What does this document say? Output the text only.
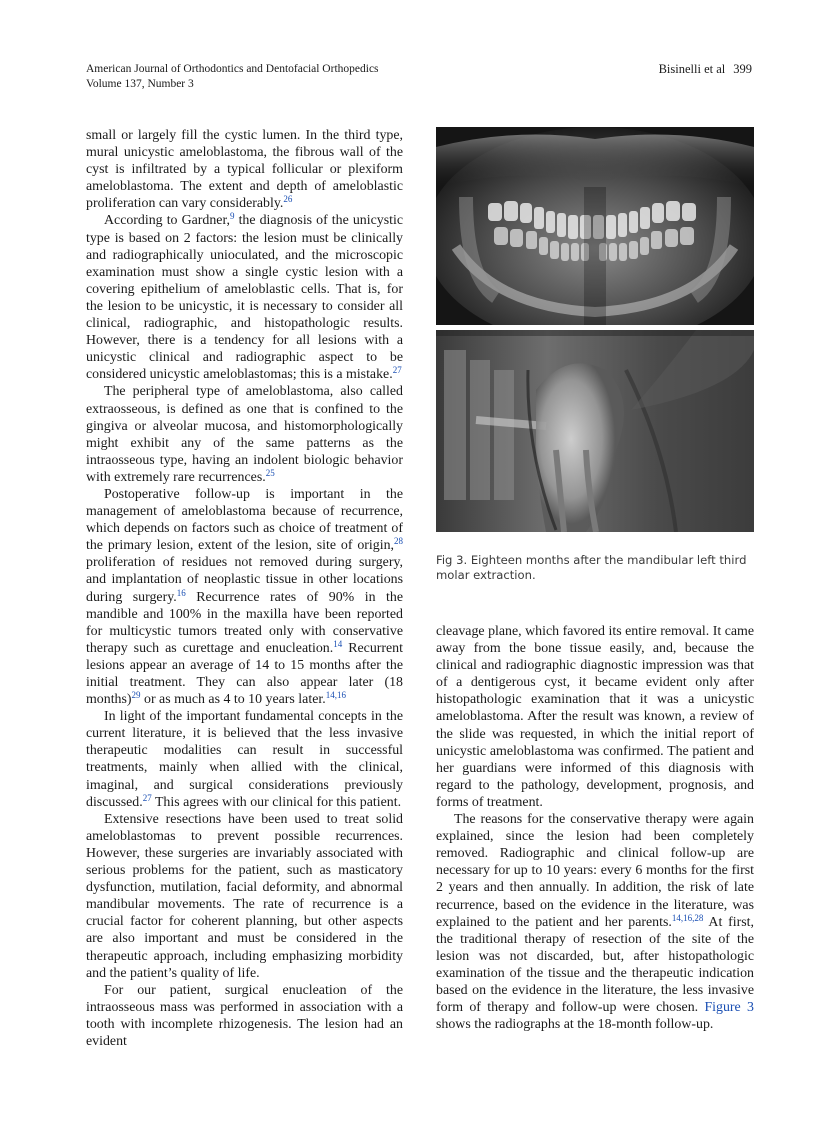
American Journal of Orthodontics and Dentofacial Orthopedics
Volume 137, Number 3
Bisinelli et al 399

small or largely fill the cystic lumen. In the third type, mural unicystic ameloblastoma, the fibrous wall of the cyst is infiltrated by a typical follicular or plexiform ameloblastoma. The extent and depth of ameloblastic proliferation can vary considerably.$^{26}$

According to Gardner,$^9$ the diagnosis of the unicystic type is based on 2 factors: the lesion must be clinically and radiographically unioculated, and the microscopic examination must show a single cystic lesion with a covering epithelium of ameloblastic cells. That is, for the lesion to be unicystic, it is necessary to consider all clinical, radiographic, and histopathologic results. However, there is a tendency for all lesions with a unicystic clinical and radiographic aspect to be considered unicystic ameloblastomas; this is a mistake.$^{27}$

The peripheral type of ameloblastoma, also called extraosseous, is defined as one that is confined to the gingiva or alveolar mucosa, and histomorphologically might exhibit any of the same patterns as the intraosseous type, having an indolent biologic behavior with extremely rare recurrences.$^{25}$

Postoperative follow-up is important in the management of ameloblastoma because of recurrence, which depends on factors such as choice of treatment of the primary lesion, extent of the lesion, site of origin,$^{28}$ proliferation of residues not removed during surgery, and implantation of neoplastic tissue in other locations during surgery.$^{16}$ Recurrence rates of 90% in the mandible and 100% in the maxilla have been reported for multicystic tumors treated only with conservative therapy such as curettage and enucleation.$^{14}$ Recurrent lesions appear an average of 14 to 15 months after the initial treatment. They can also appear later (18 months)$^{29}$ or as much as 4 to 10 years later.$^{14,16}$

In light of the important fundamental concepts in the current literature, it is believed that the less invasive therapeutic modalities can result in successful treatments, mainly when allied with the clinical, imaginal, and surgical considerations previously discussed.$^{27}$ This agrees with our clinical for this patient.

Extensive resections have been used to treat solid ameloblastomas to prevent possible recurrences. However, these surgeries are invariably associated with serious problems for the patient, such as masticatory dysfunction, mutilation, facial deformity, and abnormal mandibular movements. The rate of recurrence is a crucial factor for coherent planning, but other aspects are also important and must be considered in the therapeutic approach, including emphasizing morbidity and the patient’s quality of life.

For our patient, surgical enucleation of the intraosseous mass was performed in association with a tooth with incomplete rhizogenesis. The lesion had an evident

Fig 3. Eighteen months after the mandibular left third molar extraction.

cleavage plane, which favored its entire removal. It came away from the bone tissue easily, and, because the clinical and radiographic diagnostic impression was that of a dentigerous cyst, it became evident only after histopathologic examination that it was a unicystic ameloblastoma. After the result was known, a review of the slide was requested, in which the initial report of unicystic ameloblastoma was confirmed. The patient and her guardians were informed of this diagnosis with regard to the pathology, development, prognosis, and forms of treatment.

The reasons for the conservative therapy were again explained, since the lesion had been completely removed. Radiographic and clinical follow-up are necessary for up to 10 years: every 6 months for the first 2 years and then annually. In addition, the risk of late recurrence, based on the evidence in the literature, was explained to the patient and her parents.$^{14,16,28}$ At first, the traditional therapy of resection of the site of the lesion was not discarded, but, after histopathologic examination of the tissue and the therapeutic indication based on the evidence in the literature, the less invasive form of therapy and follow-up were chosen. Figure 3 shows the radiographs at the 18-month follow-up.
